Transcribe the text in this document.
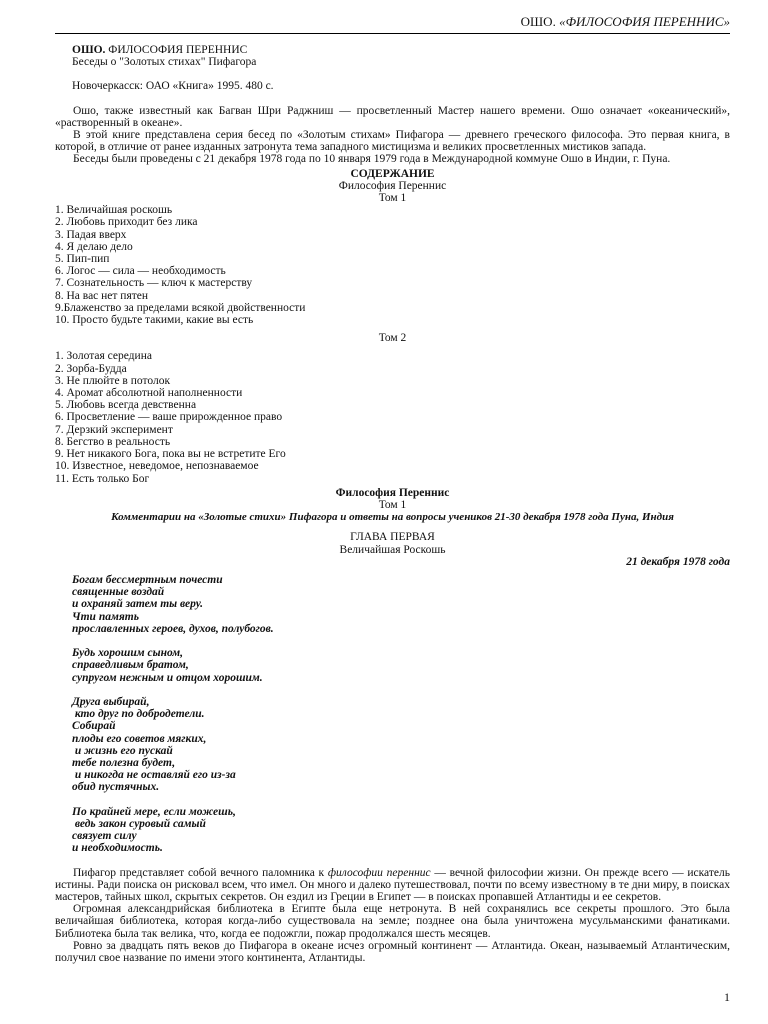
ОШО. «ФИЛОСОФИЯ ПЕРЕННИС»

ОШО. ФИЛОСОФИЯ ПЕРЕННИС

Беседы о "Золотых стихах" Пифагора

Новочеркасск: ОАО «Книга» 1995. 480 с.

Ошо, также известный как Багван Шри Раджниш — просветленный Мастер нашего времени. Ошо означает «океанический», «растворенный в океане».

В этой книге представлена серия бесед по «Золотым стихам» Пифагора — древнего греческого философа. Это первая книга, в которой, в отличие от ранее изданных затронута тема западного мистицизма и великих просветленных мистиков запада.

Беседы были проведены с 21 декабря 1978 года по 10 января 1979 года в Международной коммуне Ошо в Индии, г. Пуна.

СОДЕРЖАНИЕ

Философия Переннис

Том 1

1. Величайшая роскошь
2. Любовь приходит без лика
3. Падая вверх
4. Я делаю дело
5. Пип-пип
6. Логос — сила — необходимость
7. Сознательность — ключ к мастерству
8. На вас нет пятен
9.Блаженство за пределами всякой двойственности
10. Просто будьте такими, какие вы есть

Том 2

1. Золотая середина
2. Зорба-Будда
3. Не плюйте в потолок
4. Аромат абсолютной наполненности
5. Любовь всегда девственна
6. Просветление — ваше прирожденное право
7. Дерзкий эксперимент
8. Бегство в реальность
9. Нет никакого Бога, пока вы не встретите Его
10. Известное, неведомое, непознаваемое
11. Есть только Бог

Философия Переннис

Том 1

Комментарии на «Золотые стихи» Пифагора и ответы на вопросы учеников 21-30 декабря 1978 года Пуна, Индия

ГЛАВА ПЕРВАЯ

Величайшая Роскошь

21 декабря 1978 года

Богам бессмертным почести
священные воздай
и охраняй затем ты веру.
Чти память
прославленных героев, духов, полубогов.
Будь хорошим сыном,
справедливым братом,
супругом нежным и отцом хорошим.
Друга выбирай,
кто друг по добродетели.
Собирай
плоды его советов мягких,
и жизнь его пускай
тебе полезна будет,
и никогда не оставляй его из-за
обид пустячных.
По крайней мере, если можешь,
ведь закон суровый самый
связует силу
и необходимость.

Пифагор представляет собой вечного паломника к философии переннис — вечной философии жизни. Он прежде всего — искатель истины. Ради поиска он рисковал всем, что имел. Он много и далеко путешествовал, почти по всему известному в те дни миру, в поисках мастеров, тайных школ, скрытых секретов. Он ездил из Греции в Египет — в поисках пропавшей Атлантиды и ее секретов.

Огромная александрийская библиотека в Египте была еще нетронута. В ней сохранялись все секреты прошлого. Это была величайшая библиотека, которая когда-либо существовала на земле; позднее она была уничтожена мусульманскими фанатиками. Библиотека была так велика, что, когда ее подожгли, пожар продолжался шесть месяцев.

Ровно за двадцать пять веков до Пифагора в океане исчез огромный континент — Атлантида. Океан, называемый Атлантическим, получил свое название по имени этого континента, Атлантиды.

1
